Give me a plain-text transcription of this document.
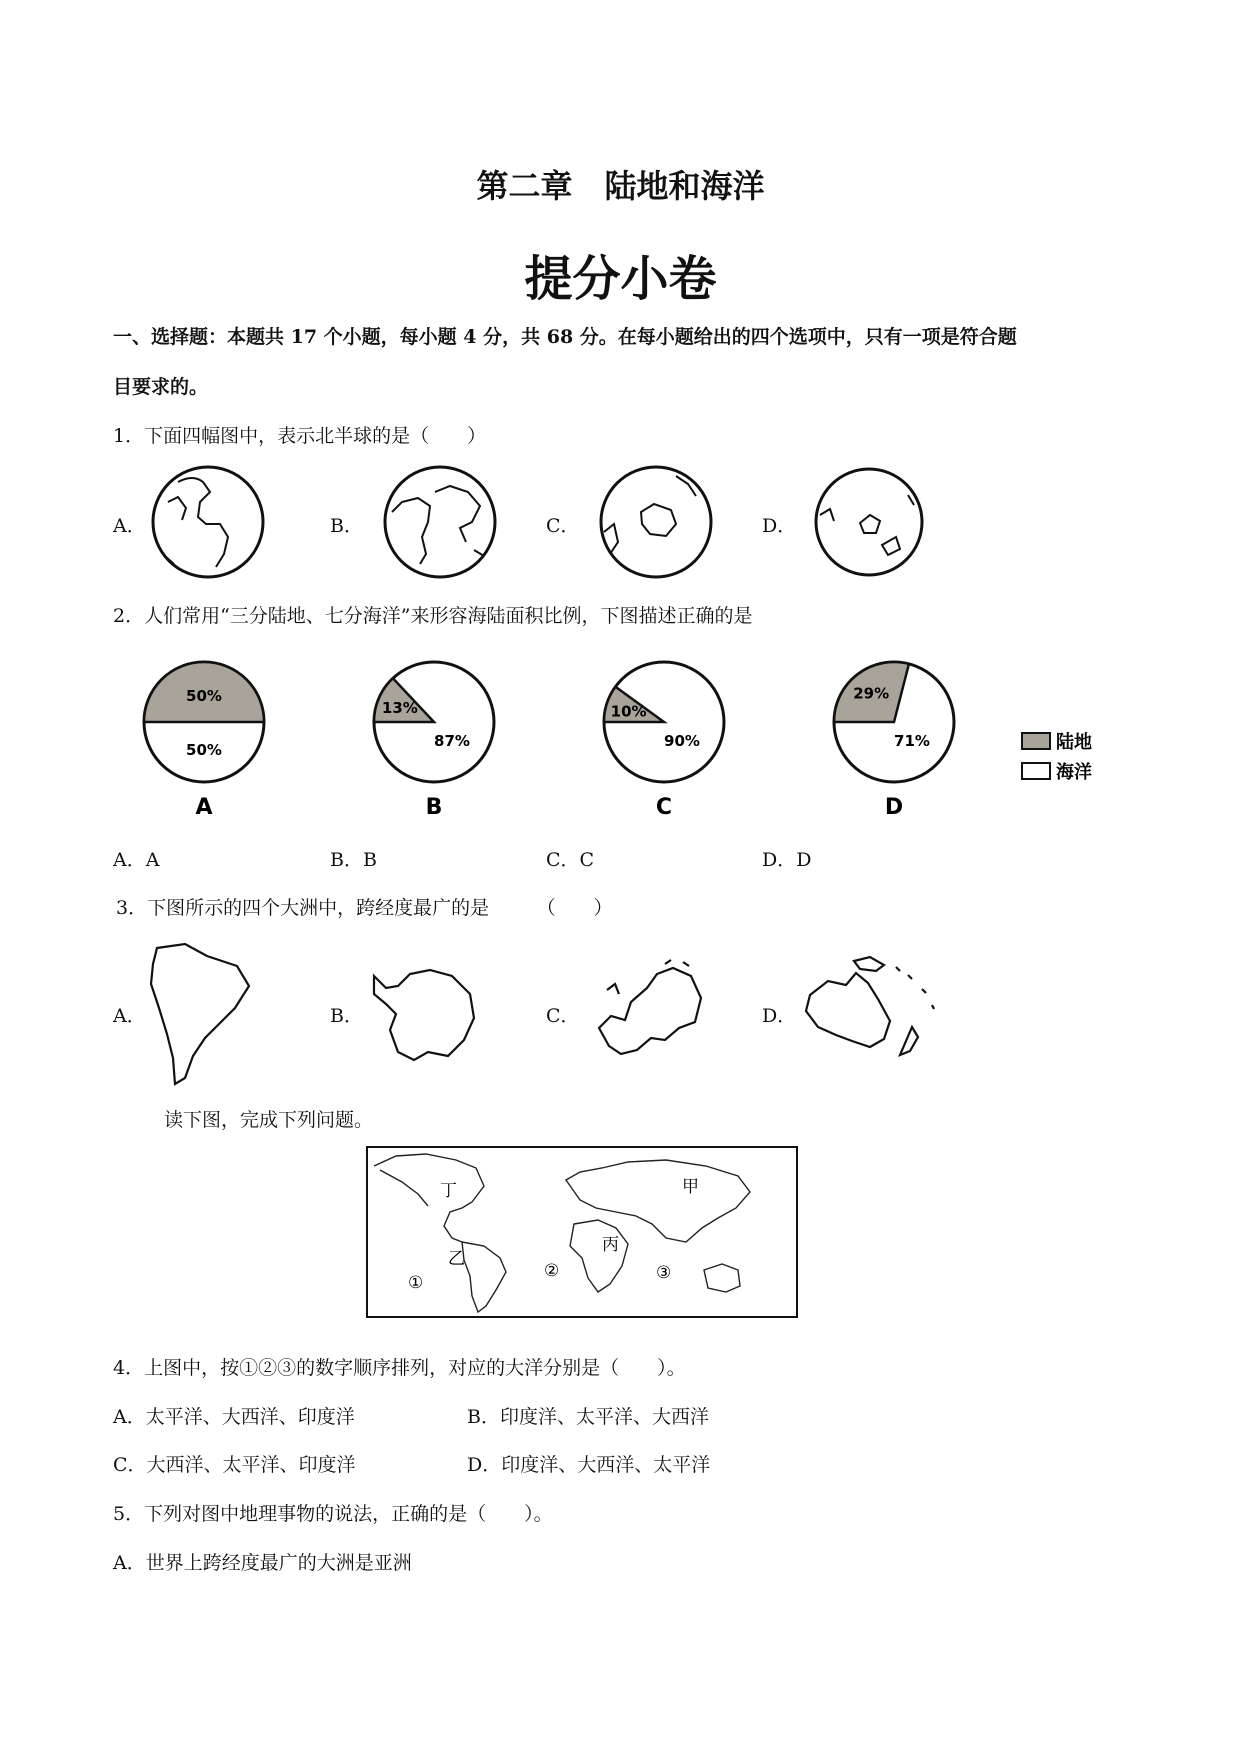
第二章　陆地和海洋
提分小卷
一、选择题：本题共 17 个小题，每小题 4 分，共 68 分。在每小题给出的四个选项中，只有一项是符合题
目要求的。
1．下面四幅图中，表示北半球的是（　　）
A．	B．	C．	D．
2．人们常用“三分陆地、七分海洋”来形容海陆面积比例，下图描述正确的是
50%
50%
A
13%
87%
B
10%
90%
C
29%
71%
D
陆地
海洋
A．A	B．B	C．C	D．D
3．下图所示的四个大洲中，跨经度最广的是　　　（　　）
A．	B．	C．	D．
读下图，完成下列问题。
丁	甲
丙
乙
①
②	③
4．上图中，按①②③的数字顺序排列，对应的大洋分别是（　　）。
A．太平洋、大西洋、印度洋	B．印度洋、太平洋、大西洋
C．大西洋、太平洋、印度洋	D．印度洋、大西洋、太平洋
5．下列对图中地理事物的说法，正确的是（　　）。
A．世界上跨经度最广的大洲是亚洲
